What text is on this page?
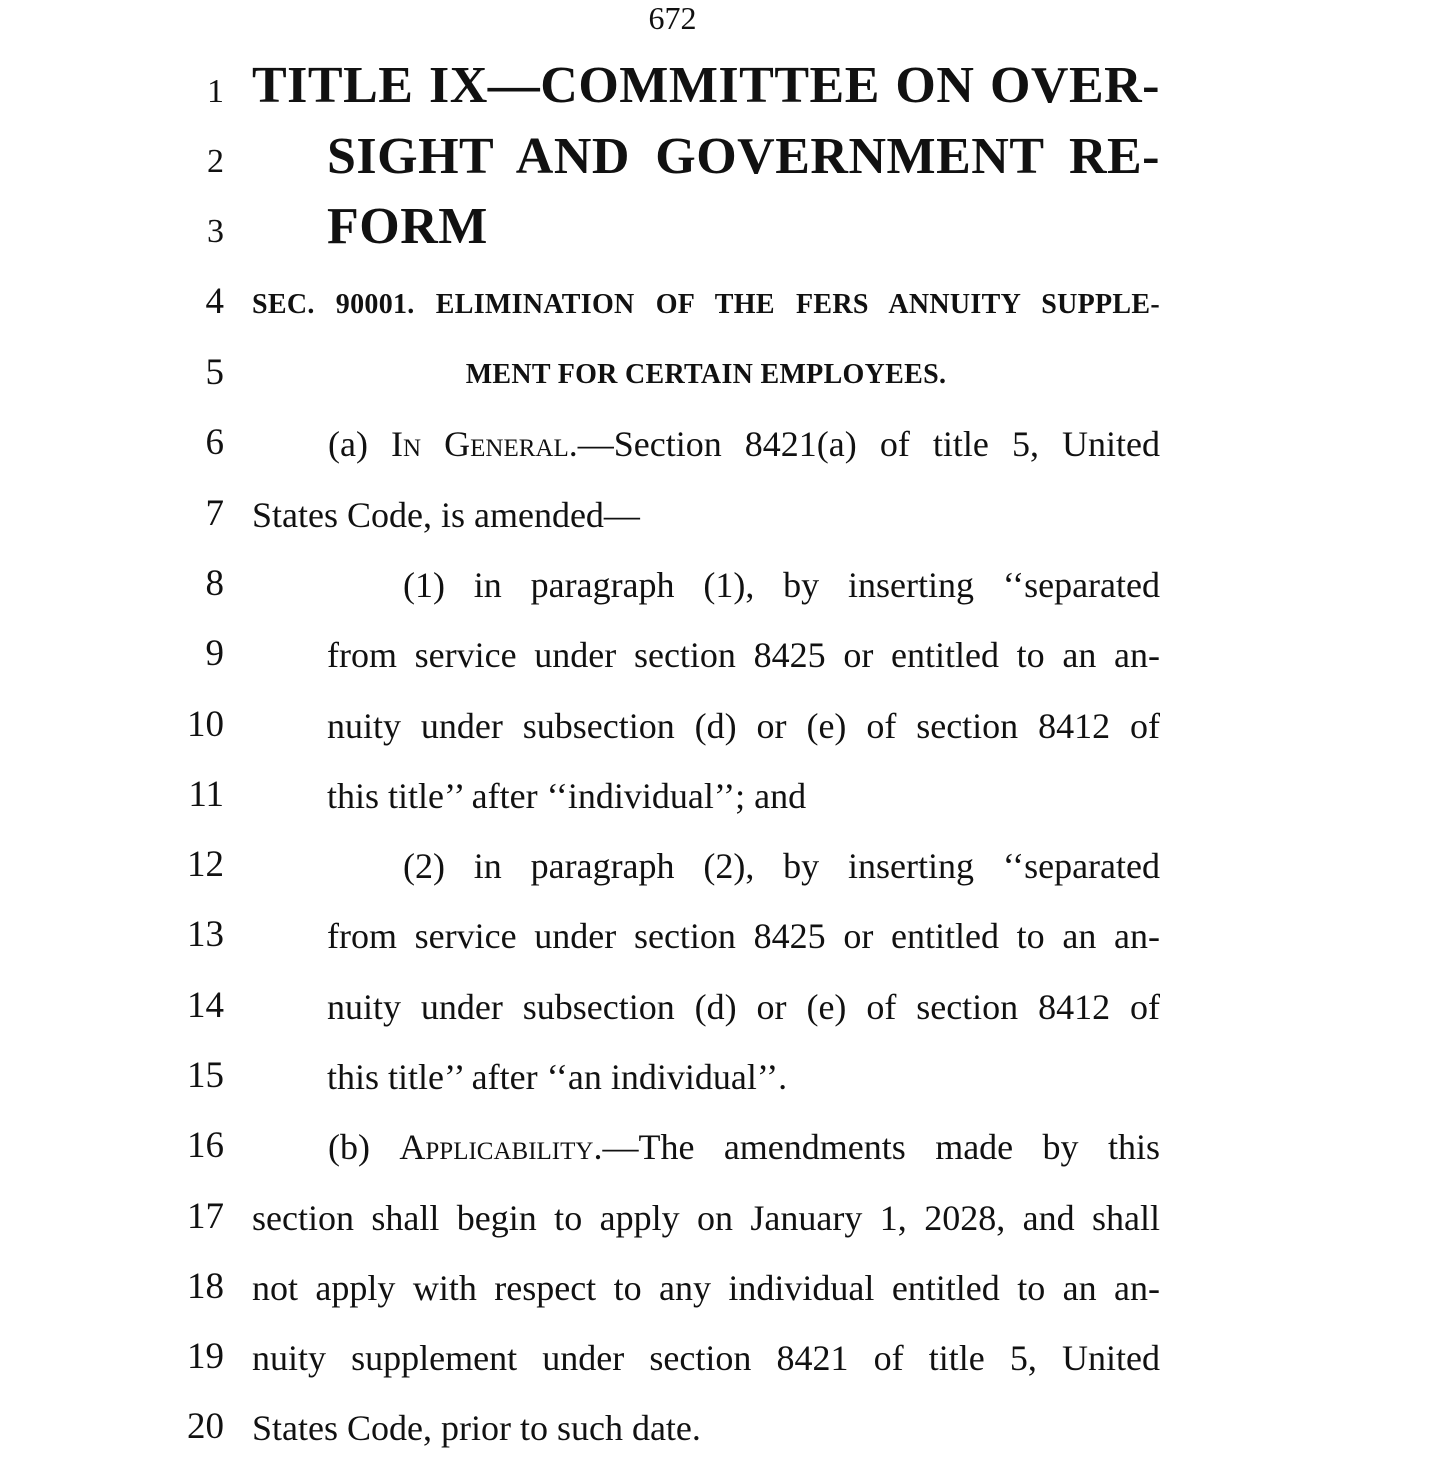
672
1 TITLE IX—COMMITTEE ON OVER-
2 SIGHT AND GOVERNMENT RE-
3 FORM
4 SEC. 90001. ELIMINATION OF THE FERS ANNUITY SUPPLE-
5	MENT FOR CERTAIN EMPLOYEES.
6	(a) In General.—Section 8421(a) of title 5, United
7 States Code, is amended—
8	(1) in paragraph (1), by inserting ‘‘separated
9	from service under section 8425 or entitled to an an-
10	nuity under subsection (d) or (e) of section 8412 of
11	this title’’ after ‘‘individual’’; and
12	(2) in paragraph (2), by inserting ‘‘separated
13	from service under section 8425 or entitled to an an-
14	nuity under subsection (d) or (e) of section 8412 of
15	this title’’ after ‘‘an individual’’.
16	(b) Applicability.—The amendments made by this
17 section shall begin to apply on January 1, 2028, and shall
18 not apply with respect to any individual entitled to an an-
19 nuity supplement under section 8421 of title 5, United
20 States Code, prior to such date.
